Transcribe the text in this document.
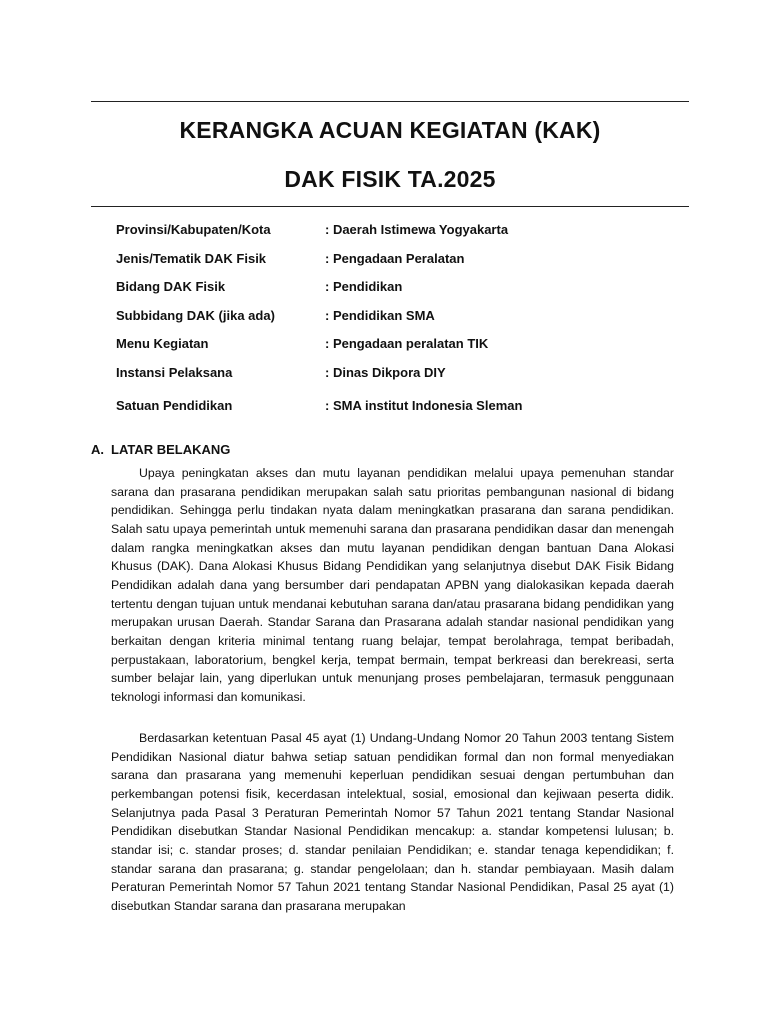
KERANGKA ACUAN KEGIATAN (KAK)
DAK FISIK TA.2025
Provinsi/Kabupaten/Kota	: Daerah Istimewa Yogyakarta
Jenis/Tematik DAK Fisik	: Pengadaan Peralatan
Bidang DAK Fisik	: Pendidikan
Subbidang DAK (jika ada)	: Pendidikan SMA
Menu Kegiatan	: Pengadaan peralatan TIK
Instansi Pelaksana	: Dinas Dikpora DIY
Satuan Pendidikan	: SMA institut Indonesia Sleman
A. LATAR BELAKANG

Upaya peningkatan akses dan mutu layanan pendidikan melalui upaya pemenuhan standar sarana dan prasarana pendidikan merupakan salah satu prioritas pembangunan nasional di bidang pendidikan. Sehingga perlu tindakan nyata dalam meningkatkan prasarana dan sarana pendidikan. Salah satu upaya pemerintah untuk memenuhi sarana dan prasarana pendidikan dasar dan menengah dalam rangka meningkatkan akses dan mutu layanan pendidikan dengan bantuan Dana Alokasi Khusus (DAK). Dana Alokasi Khusus Bidang Pendidikan yang selanjutnya disebut DAK Fisik Bidang Pendidikan adalah dana yang bersumber dari pendapatan APBN yang dialokasikan kepada daerah tertentu dengan tujuan untuk mendanai kebutuhan sarana dan/atau prasarana bidang pendidikan yang merupakan urusan Daerah. Standar Sarana dan Prasarana adalah standar nasional pendidikan yang berkaitan dengan kriteria minimal tentang ruang belajar, tempat berolahraga, tempat beribadah, perpustakaan, laboratorium, bengkel kerja, tempat bermain, tempat berkreasi dan berekreasi, serta sumber belajar lain, yang diperlukan untuk menunjang proses pembelajaran, termasuk penggunaan teknologi informasi dan komunikasi.

Berdasarkan ketentuan Pasal 45 ayat (1) Undang-Undang Nomor 20 Tahun 2003 tentang Sistem Pendidikan Nasional diatur bahwa setiap satuan pendidikan formal dan non formal menyediakan sarana dan prasarana yang memenuhi keperluan pendidikan sesuai dengan pertumbuhan dan perkembangan potensi fisik, kecerdasan intelektual, sosial, emosional dan kejiwaan peserta didik. Selanjutnya pada Pasal 3 Peraturan Pemerintah Nomor 57 Tahun 2021 tentang Standar Nasional Pendidikan disebutkan Standar Nasional Pendidikan mencakup: a. standar kompetensi lulusan; b. standar isi; c. standar proses; d. standar penilaian Pendidikan; e. standar tenaga kependidikan; f. standar sarana dan prasarana; g. standar pengelolaan; dan h. standar pembiayaan. Masih dalam Peraturan Pemerintah Nomor 57 Tahun 2021 tentang Standar Nasional Pendidikan, Pasal 25 ayat (1) disebutkan Standar sarana dan prasarana merupakan
